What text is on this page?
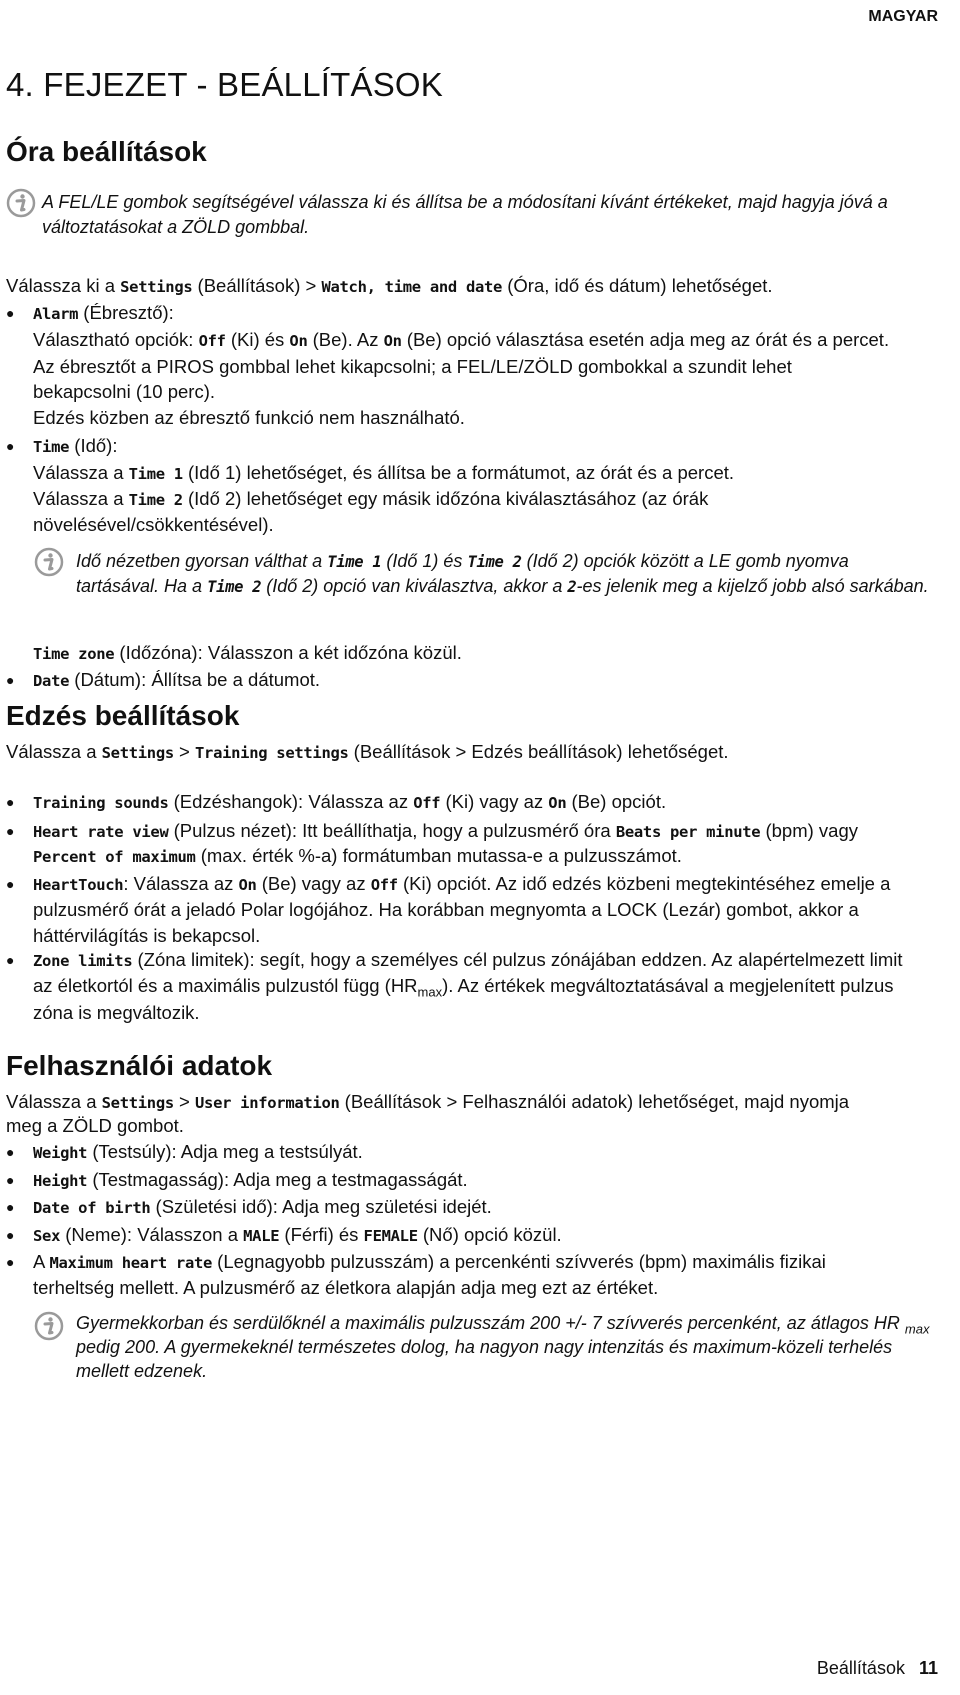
MAGYAR
4. FEJEZET - BEÁLLÍTÁSOK
Óra beállítások
A FEL/LE gombok segítségével válassza ki és állítsa be a módosítani kívánt értékeket, majd hagyja jóvá a
változtatásokat a ZÖLD gombbal.
Válassza ki a Settings (Beállítások) > Watch, time and date (Óra, idő és dátum) lehetőséget.
● Alarm (Ébresztő):
Választható opciók: Off (Ki) és On (Be). Az On (Be) opció választása esetén adja meg az órát és a percet.
Az ébresztőt a PIROS gombbal lehet kikapcsolni; a FEL/LE/ZÖLD gombokkal a szundit lehet
bekapcsolni (10 perc).
Edzés közben az ébresztő funkció nem használható.
● Time (Idő):
Válassza a Time 1 (Idő 1) lehetőséget, és állítsa be a formátumot, az órát és a percet.
Válassza a Time 2 (Idő 2) lehetőséget egy másik időzóna kiválasztásához (az órák
növelésével/csökkentésével).
Idő nézetben gyorsan válthat a Time 1 (Idő 1) és Time 2 (Idő 2) opciók között a LE gomb nyomva
tartásával. Ha a Time 2 (Idő 2) opció van kiválasztva, akkor a 2-es jelenik meg a kijelző jobb alsó sarkában.
Time zone (Időzóna): Válasszon a két időzóna közül.
● Date (Dátum): Állítsa be a dátumot.
Edzés beállítások
Válassza a Settings > Training settings (Beállítások > Edzés beállítások) lehetőséget.
● Training sounds (Edzéshangok): Válassza az Off (Ki) vagy az On (Be) opciót.
● Heart rate view (Pulzus nézet): Itt beállíthatja, hogy a pulzusmérő óra Beats per minute (bpm) vagy
Percent of maximum (max. érték %-a) formátumban mutassa-e a pulzusszámot.
● HeartTouch: Válassza az On (Be) vagy az Off (Ki) opciót. Az idő edzés közbeni megtekintéséhez emelje a
pulzusmérő órát a jeladó Polar logójához. Ha korábban megnyomta a LOCK (Lezár) gombot, akkor a
háttérvilágítás is bekapcsol.
● Zone limits (Zóna limitek): segít, hogy a személyes cél pulzus zónájában eddzen. Az alapértelmezett limit
az életkortól és a maximális pulzustól függ $(HR_{max})$. Az értékek megváltoztatásával a megjelenített pulzus
zóna is megváltozik.
Felhasználói adatok
Válassza a Settings > User information (Beállítások > Felhasználói adatok) lehetőséget, majd nyomja
meg a ZÖLD gombot.
● Weight (Testsúly): Adja meg a testsúlyát.
● Height (Testmagasság): Adja meg a testmagasságát.
● Date of birth (Születési idő): Adja meg születési idejét.
● Sex (Neme): Válasszon a MALE (Férfi) és FEMALE (Nő) opció közül.
● A Maximum heart rate (Legnagyobb pulzusszám) a percenkénti szívverés (bpm) maximális fizikai
terheltség mellett. A pulzusmérő az életkora alapján adja meg ezt az értéket.
Gyermekkorban és serdülőknél a maximális pulzusszám 200 +/- 7 szívverés percenként, az átlagos HR $_{max}$
pedig 200. A gyermekeknél természetes dolog, ha nagyon nagy intenzitás és maximum-közeli terhelés
mellett edzenek.
Beállítások 11
